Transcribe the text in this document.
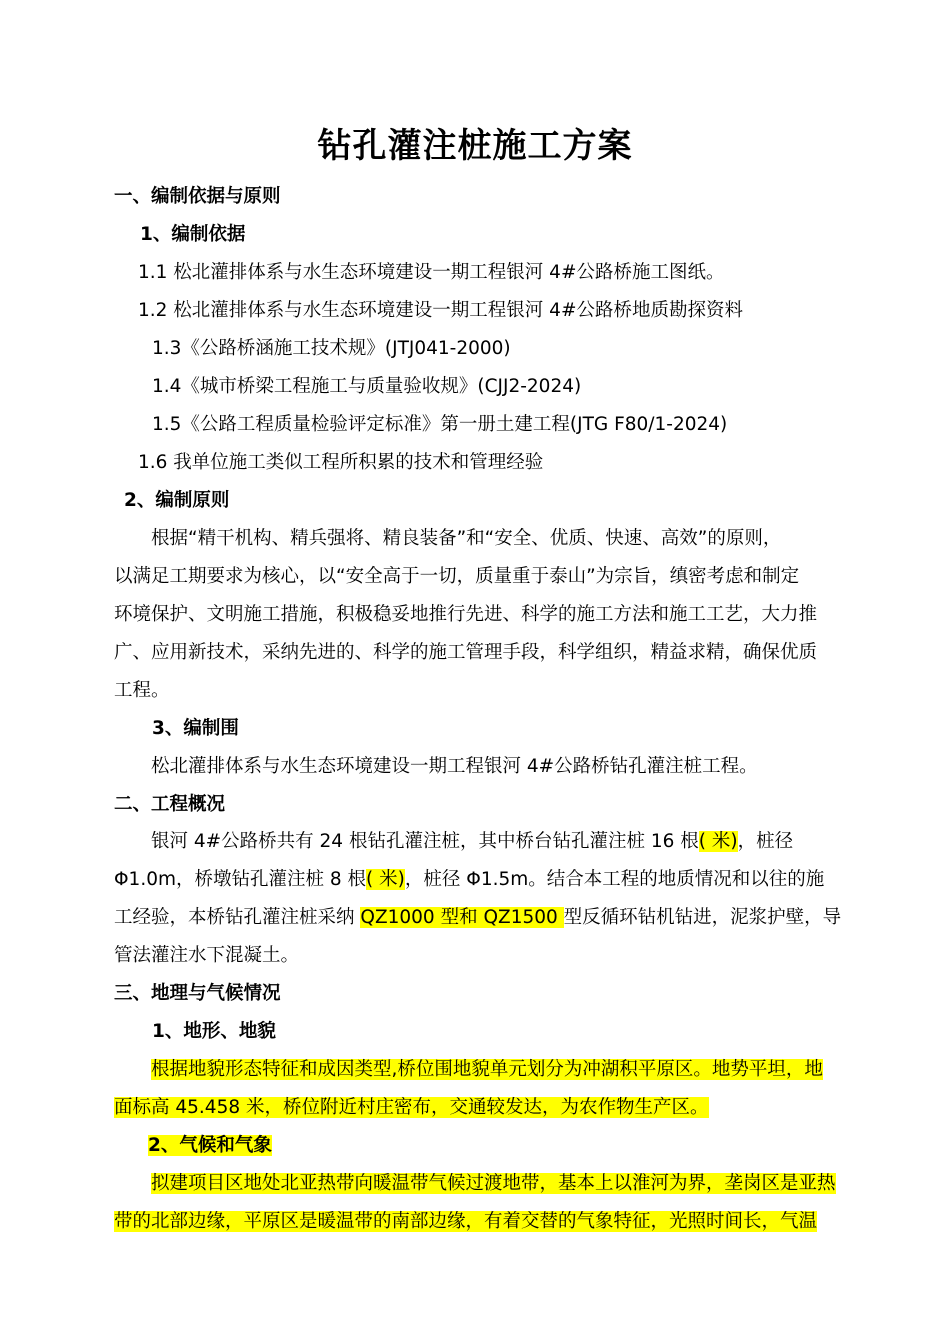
钻孔灌注桩施工方案
一、编制依据与原则
1、编制依据
1.1 松北灌排体系与水生态环境建设一期工程银河 4#公路桥施工图纸。
1.2 松北灌排体系与水生态环境建设一期工程银河 4#公路桥地质勘探资料
1.3《公路桥涵施工技术规》(JTJ041-2000)
1.4《城市桥梁工程施工与质量验收规》(CJJ2-2024)
1.5《公路工程质量检验评定标准》第一册土建工程(JTG F80/1-2024)
1.6 我单位施工类似工程所积累的技术和管理经验
2、编制原则
根据“精干机构、精兵强将、精良装备”和“安全、优质、快速、高效”的原则，
以满足工期要求为核心，以“安全高于一切，质量重于泰山”为宗旨，缜密考虑和制定
环境保护、文明施工措施，积极稳妥地推行先进、科学的施工方法和施工工艺，大力推
广、应用新技术，采纳先进的、科学的施工管理手段，科学组织，精益求精，确保优质
工程。
3、编制围
松北灌排体系与水生态环境建设一期工程银河 4#公路桥钻孔灌注桩工程。
二、工程概况
银河 4#公路桥共有 24 根钻孔灌注桩，其中桥台钻孔灌注桩 16 根( 米)，桩径
Φ1.0m，桥墩钻孔灌注桩 8 根( 米)，桩径 Φ1.5m。结合本工程的地质情况和以往的施
工经验，本桥钻孔灌注桩采纳 QZ1000 型和 QZ1500 型反循环钻机钻进，泥浆护壁，导
管法灌注水下混凝土。
三、地理与气候情况
1、地形、地貌
根据地貌形态特征和成因类型,桥位围地貌单元划分为冲湖积平原区。地势平坦，地
面标高 45.458 米，桥位附近村庄密布，交通较发达，为农作物生产区。
2、气候和气象
拟建项目区地处北亚热带向暖温带气候过渡地带，基本上以淮河为界，垄岗区是亚热
带的北部边缘，平原区是暖温带的南部边缘，有着交替的气象特征，光照时间长，气温
